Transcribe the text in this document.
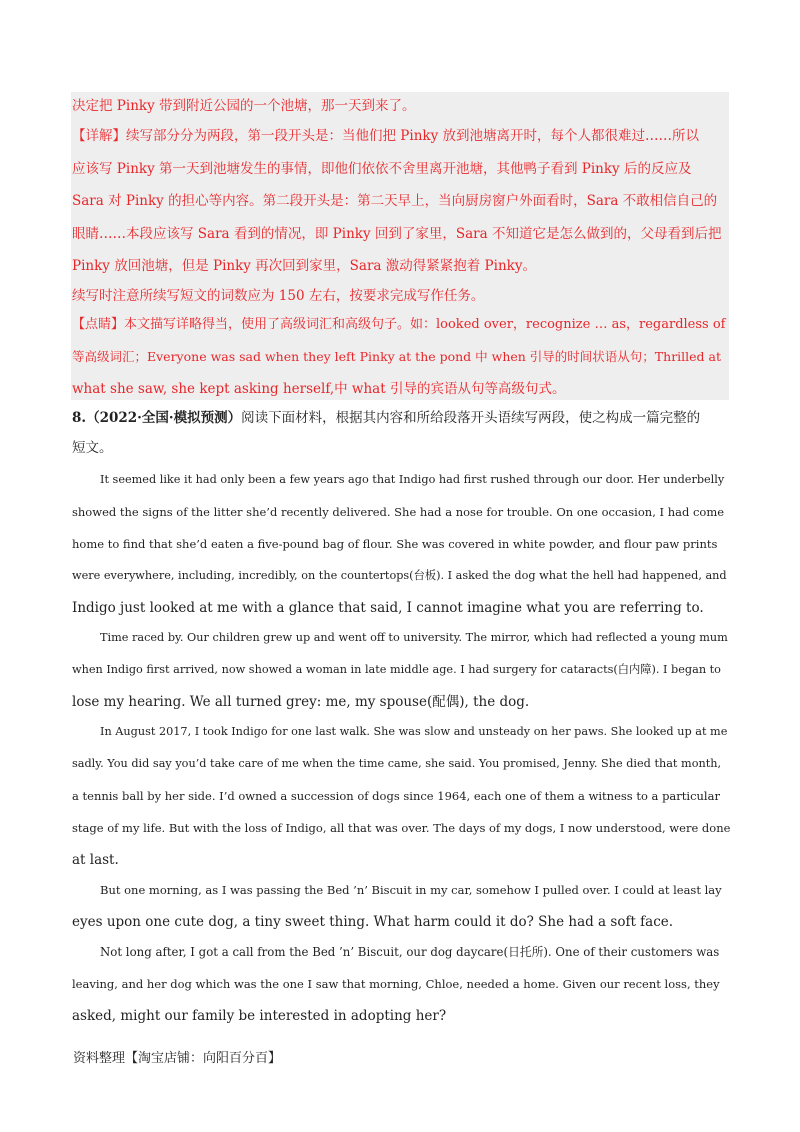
决定把 Pinky 带到附近公园的一个池塘，那一天到来了。
【详解】续写部分分为两段，第一段开头是：当他们把 Pinky 放到池塘离开时，每个人都很难过……所以
应该写 Pinky 第一天到池塘发生的事情，即他们依依不舍里离开池塘，其他鸭子看到 Pinky 后的反应及
Sara 对 Pinky 的担心等内容。第二段开头是：第二天早上，当向厨房窗户外面看时，Sara 不敢相信自己的
眼睛……本段应该写 Sara 看到的情况，即 Pinky 回到了家里，Sara 不知道它是怎么做到的，父母看到后把
Pinky 放回池塘，但是 Pinky 再次回到家里，Sara 激动得紧紧抱着 Pinky。
续写时注意所续写短文的词数应为 150 左右，按要求完成写作任务。
【点睛】本文描写详略得当，使用了高级词汇和高级句子。如：looked over，recognize … as，regardless of
等高级词汇；Everyone was sad when they left Pinky at the pond 中 when 引导的时间状语从句；Thrilled at
what she saw, she kept asking herself,中 what 引导的宾语从句等高级句式。
8.（2022·全国·模拟预测）阅读下面材料，根据其内容和所给段落开头语续写两段，使之构成一篇完整的
短文。
It seemed like it had only been a few years ago that Indigo had first rushed through our door. Her underbelly
showed the signs of the litter she’d recently delivered. She had a nose for trouble. On one occasion, I had come
home to find that she’d eaten a five-pound bag of flour. She was covered in white powder, and flour paw prints
were everywhere, including, incredibly, on the countertops(台板). I asked the dog what the hell had happened, and
Indigo just looked at me with a glance that said, I cannot imagine what you are referring to.
Time raced by. Our children grew up and went off to university. The mirror, which had reflected a young mum
when Indigo first arrived, now showed a woman in late middle age. I had surgery for cataracts(白内障). I began to
lose my hearing. We all turned grey: me, my spouse(配偶), the dog.
In August 2017, I took Indigo for one last walk. She was slow and unsteady on her paws. She looked up at me
sadly. You did say you’d take care of me when the time came, she said. You promised, Jenny. She died that month,
a tennis ball by her side. I’d owned a succession of dogs since 1964, each one of them a witness to a particular
stage of my life. But with the loss of Indigo, all that was over. The days of my dogs, I now understood, were done
at last.
But one morning, as I was passing the Bed ’n’ Biscuit in my car, somehow I pulled over. I could at least lay
eyes upon one cute dog, a tiny sweet thing. What harm could it do? She had a soft face.
Not long after, I got a call from the Bed ’n’ Biscuit, our dog daycare(日托所). One of their customers was
leaving, and her dog which was the one I saw that morning, Chloe, needed a home. Given our recent loss, they
asked, might our family be interested in adopting her?
资料整理【淘宝店铺：向阳百分百】
